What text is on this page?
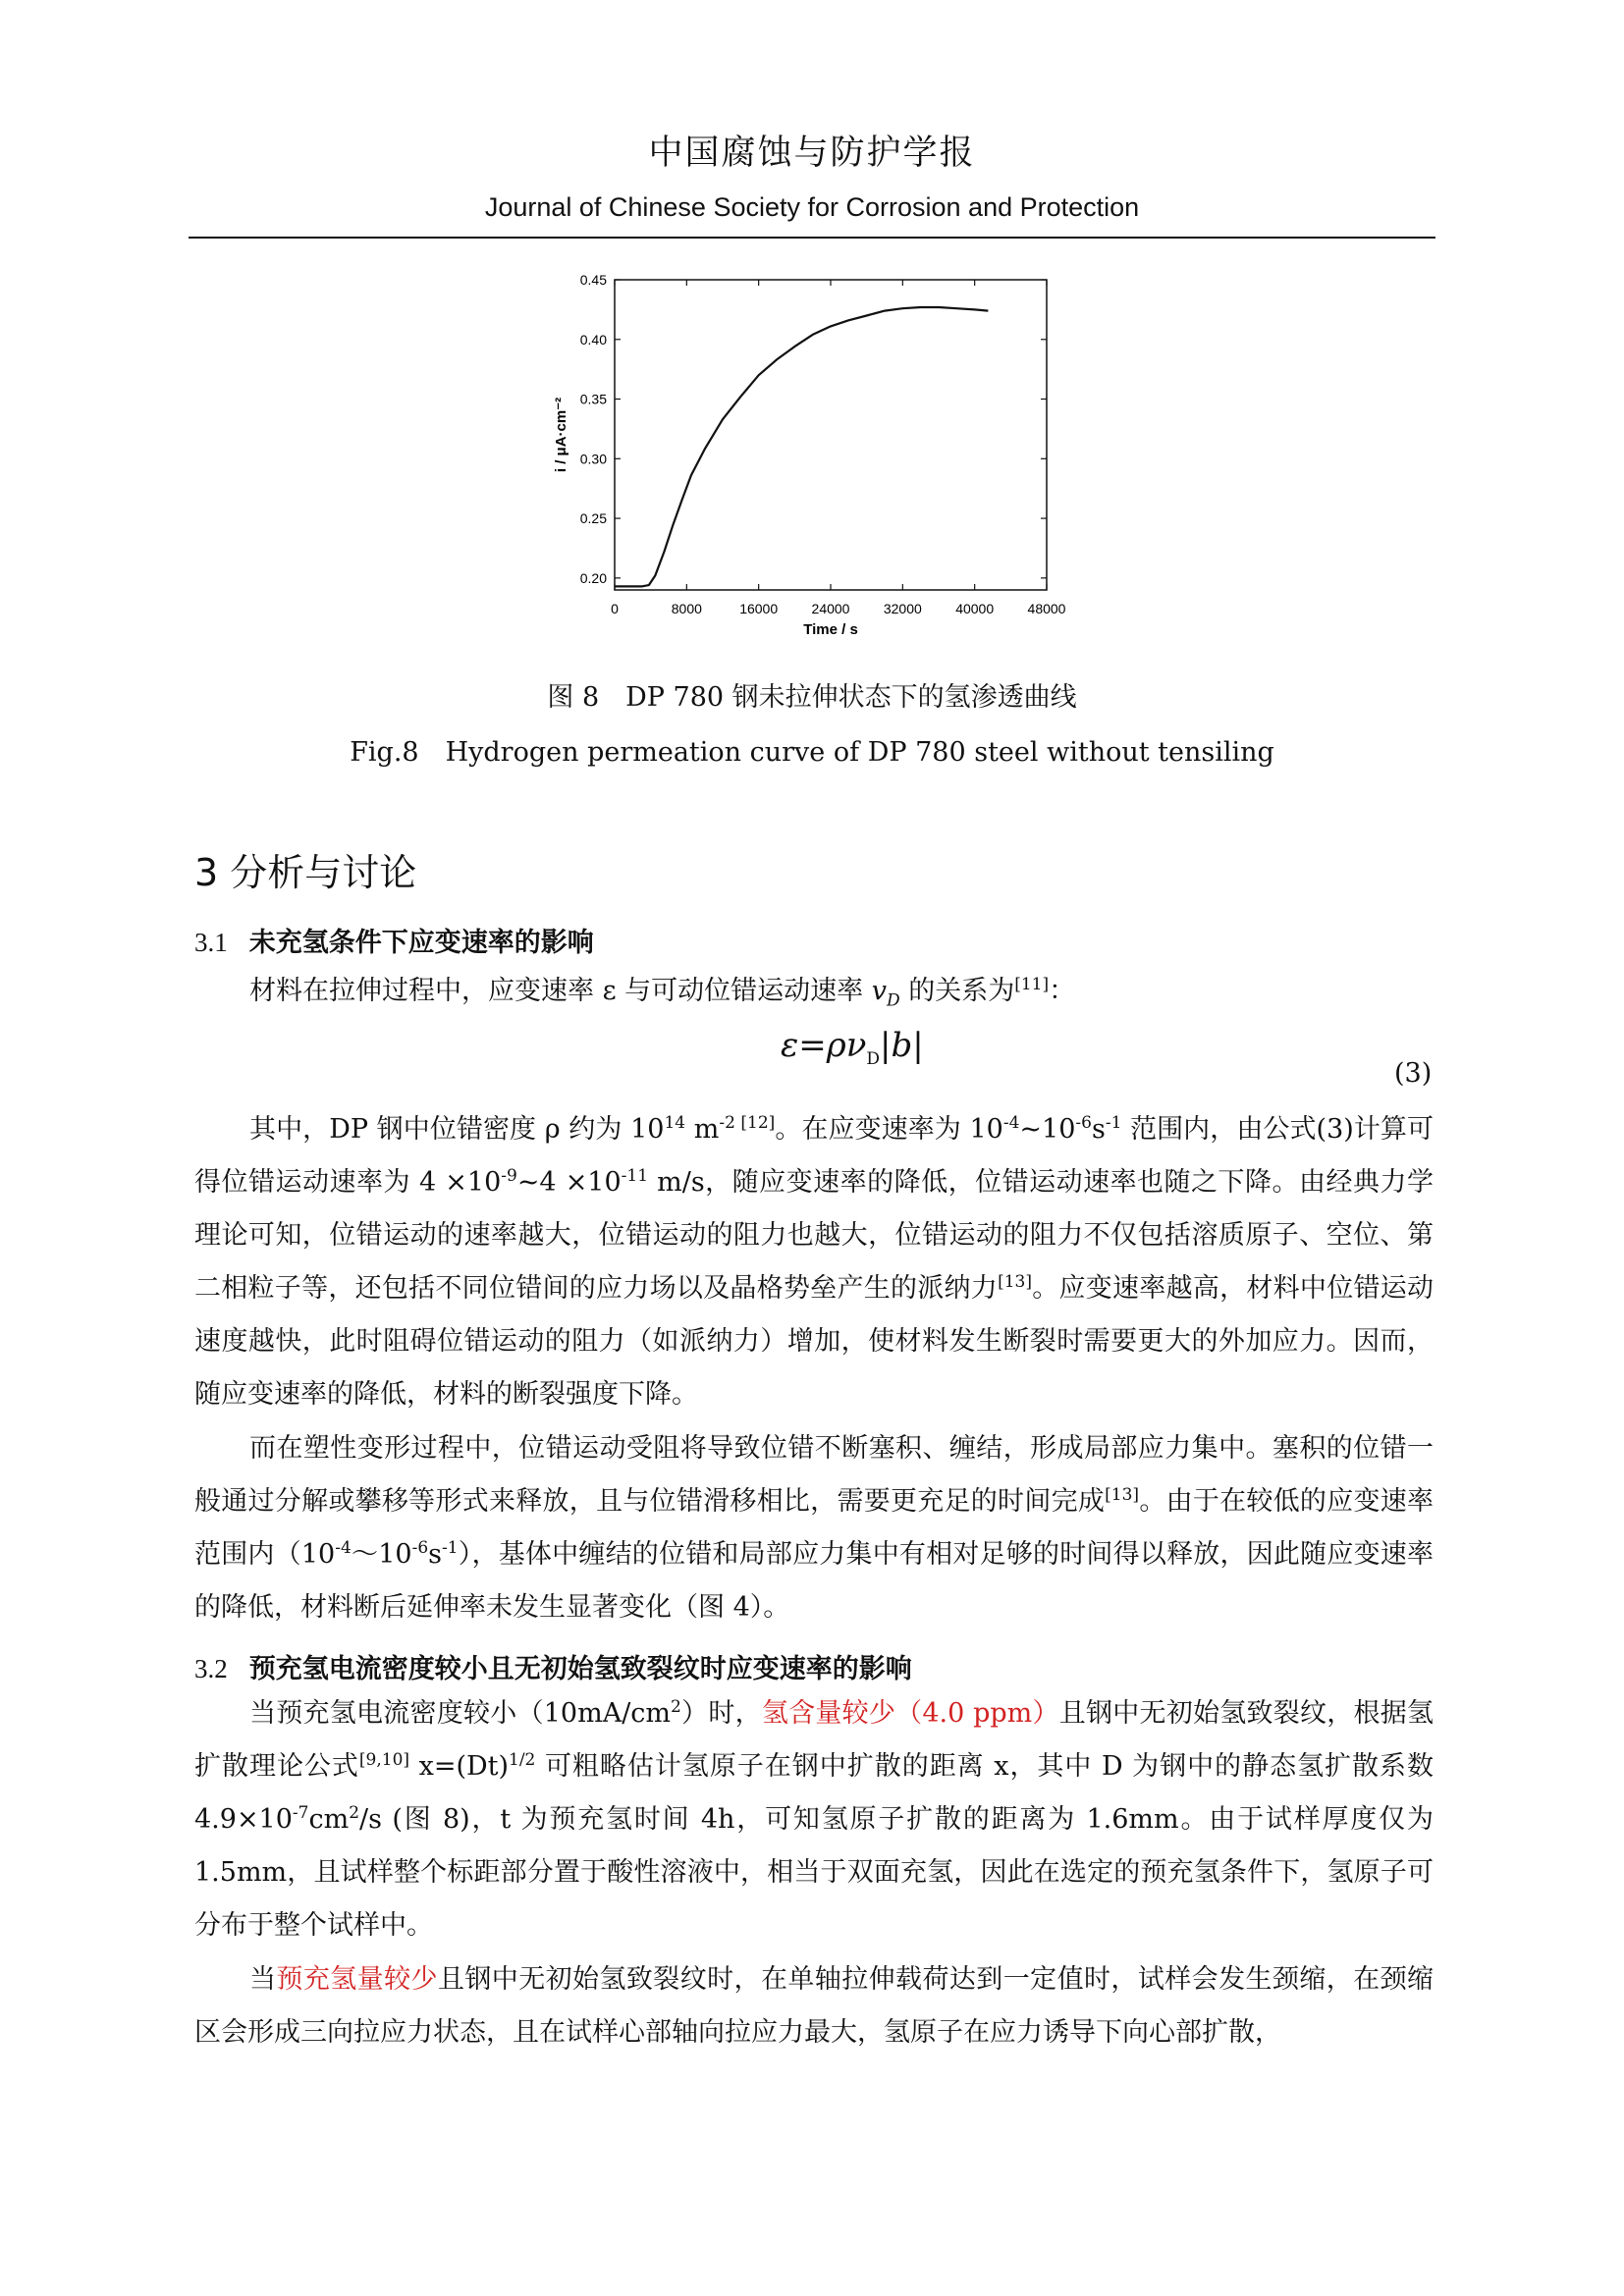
中国腐蚀与防护学报
Journal of Chinese Society for Corrosion and Protection
0	8000	16000 24000 32000 40000 48000
0.20
0.25
0.30
0.35
0.40
0.45
Time / s
i / μA·cm⁻²
图 8　DP 780 钢未拉伸状态下的氢渗透曲线
Fig.8　Hydrogen permeation curve of DP 780 steel without tensiling
3 分析与讨论
3.1 未充氢条件下应变速率的影响

材料在拉伸过程中，应变速率 ε 与可动位错运动速率 $v_D$ 的关系为[11]：

$\varepsilon=\rho\nu_D|b|$
(3)

其中，DP 钢中位错密度 ρ 约为 $10^{14}$ $m^{-2 [12]}$。在应变速率为 $10^{-4}\sim 10^{-6}s^{-1}$ 范围内，由公式(3)计算可得位错运动速率为 $4 \times 10^{-9}\sim 4 \times 10^{-11}$ m/s，随应变速率的降低，位错运动速率也随之下降。由经典力学理论可知，位错运动的速率越大，位错运动的阻力也越大，位错运动的阻力不仅包括溶质原子、空位、第二相粒子等，还包括不同位错间的应力场以及晶格势垒产生的派纳力[13]。应变速率越高，材料中位错运动速度越快，此时阻碍位错运动的阻力（如派纳力）增加，使材料发生断裂时需要更大的外加应力。因而，随应变速率的降低，材料的断裂强度下降。

而在塑性变形过程中，位错运动受阻将导致位错不断塞积、缠结，形成局部应力集中。塞积的位错一般通过分解或攀移等形式来释放，且与位错滑移相比，需要更充足的时间完成[13]。由于在较低的应变速率范围内$(10^{-4}\sim 10^{-6}s^{-1})$，基体中缠结的位错和局部应力集中有相对足够的时间得以释放，因此随应变速率的降低，材料断后延伸率未发生显著变化（图 4）。

3.2 预充氢电流密度较小且无初始氢致裂纹时应变速率的影响

当预充氢电流密度较小$(10mA/cm^2)$时，氢含量较少（4.0 ppm）且钢中无初始氢致裂纹，根据氢扩散理论公式[9,10] $x=(Dt)^{1/2}$ 可粗略估计氢原子在钢中扩散的距离 x，其中 D 为钢中的静态氢扩散系数 $4.9\times 10^{-7}cm^2/s$ (图 8)，t 为预充氢时间 4h，可知氢原子扩散的距离为 1.6mm。由于试样厚度仅为 1.5mm，且试样整个标距部分置于酸性溶液中，相当于双面充氢，因此在选定的预充氢条件下，氢原子可分布于整个试样中。

当预充氢量较少且钢中无初始氢致裂纹时，在单轴拉伸载荷达到一定值时，试样会发生颈缩，在颈缩区会形成三向拉应力状态，且在试样心部轴向拉应力最大，氢原子在应力诱导下向心部扩散，
